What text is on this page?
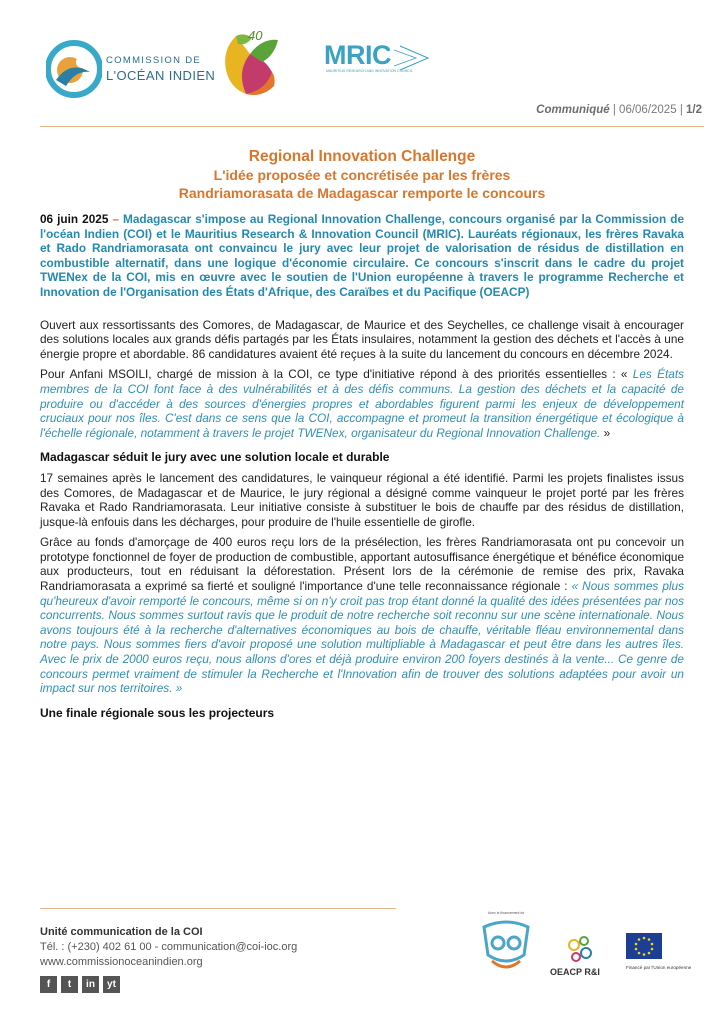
COMMISSION DE
L'OCÉAN INDIEN
40
MRIC
MAURITIUS RESEARCH AND INNOVATION COUNCIL
Communiqué | 06/06/2025 | 1/2
Regional Innovation Challenge
L'idée proposée et concrétisée par les frères
Randriamorasata de Madagascar remporte le concours

06 juin 2025 – Madagascar s'impose au Regional Innovation Challenge, concours organisé par la Commission de l'océan Indien (COI) et le Mauritius Research & Innovation Council (MRIC). Lauréats régionaux, les frères Ravaka et Rado Randriamorasata ont convaincu le jury avec leur projet de valorisation de résidus de distillation en combustible alternatif, dans une logique d'économie circulaire. Ce concours s'inscrit dans le cadre du projet TWENex de la COI, mis en œuvre avec le soutien de l'Union européenne à travers le programme Recherche et Innovation de l'Organisation des États d'Afrique, des Caraïbes et du Pacifique (OEACP)

Ouvert aux ressortissants des Comores, de Madagascar, de Maurice et des Seychelles, ce challenge visait à encourager des solutions locales aux grands défis partagés par les États insulaires, notamment la gestion des déchets et l'accès à une énergie propre et abordable. 86 candidatures avaient été reçues à la suite du lancement du concours en décembre 2024.

Pour Anfani MSOILI, chargé de mission à la COI, ce type d'initiative répond à des priorités essentielles : « Les États membres de la COI font face à des vulnérabilités et à des défis communs. La gestion des déchets et la capacité de produire ou d'accéder à des sources d'énergies propres et abordables figurent parmi les enjeux de développement cruciaux pour nos îles. C'est dans ce sens que la COI, accompagne et promeut la transition énergétique et écologique à l'échelle régionale, notamment à travers le projet TWENex, organisateur du Regional Innovation Challenge. »

Madagascar séduit le jury avec une solution locale et durable

17 semaines après le lancement des candidatures, le vainqueur régional a été identifié. Parmi les projets finalistes issus des Comores, de Madagascar et de Maurice, le jury régional a désigné comme vainqueur le projet porté par les frères Ravaka et Rado Randriamorasata. Leur initiative consiste à substituer le bois de chauffe par des résidus de distillation, jusque-là enfouis dans les décharges, pour produire de l'huile essentielle de girofle.

Grâce au fonds d'amorçage de 400 euros reçu lors de la présélection, les frères Randriamorasata ont pu concevoir un prototype fonctionnel de foyer de production de combustible, apportant autosuffisance énergétique et bénéfice économique aux producteurs, tout en réduisant la déforestation. Présent lors de la cérémonie de remise des prix, Ravaka Randriamorasata a exprimé sa fierté et souligné l'importance d'une telle reconnaissance régionale : « Nous sommes plus qu'heureux d'avoir remporté le concours, même si on n'y croit pas trop étant donné la qualité des idées présentées par nos concurrents. Nous sommes surtout ravis que le produit de notre recherche soit reconnu sur une scène internationale. Nous avons toujours été à la recherche d'alternatives économiques au bois de chauffe, véritable fléau environnemental dans notre pays. Nous sommes fiers d'avoir proposé une solution multipliable à Madagascar et peut être dans les autres îles. Avec le prix de 2000 euros reçu, nous allons d'ores et déjà produire environ 200 foyers destinés à la vente... Ce genre de concours permet vraiment de stimuler la Recherche et l'Innovation afin de trouver des solutions adaptées pour avoir un impact sur nos territoires. »

Une finale régionale sous les projecteurs
Unité communication de la COI
Tél. : (+230) 402 61 00 - communication@coi-ioc.org
www.commissionoceanindien.org
f	t	in	yt
Avec le financement de
OEACP R&I	Financé par l'Union européenne
